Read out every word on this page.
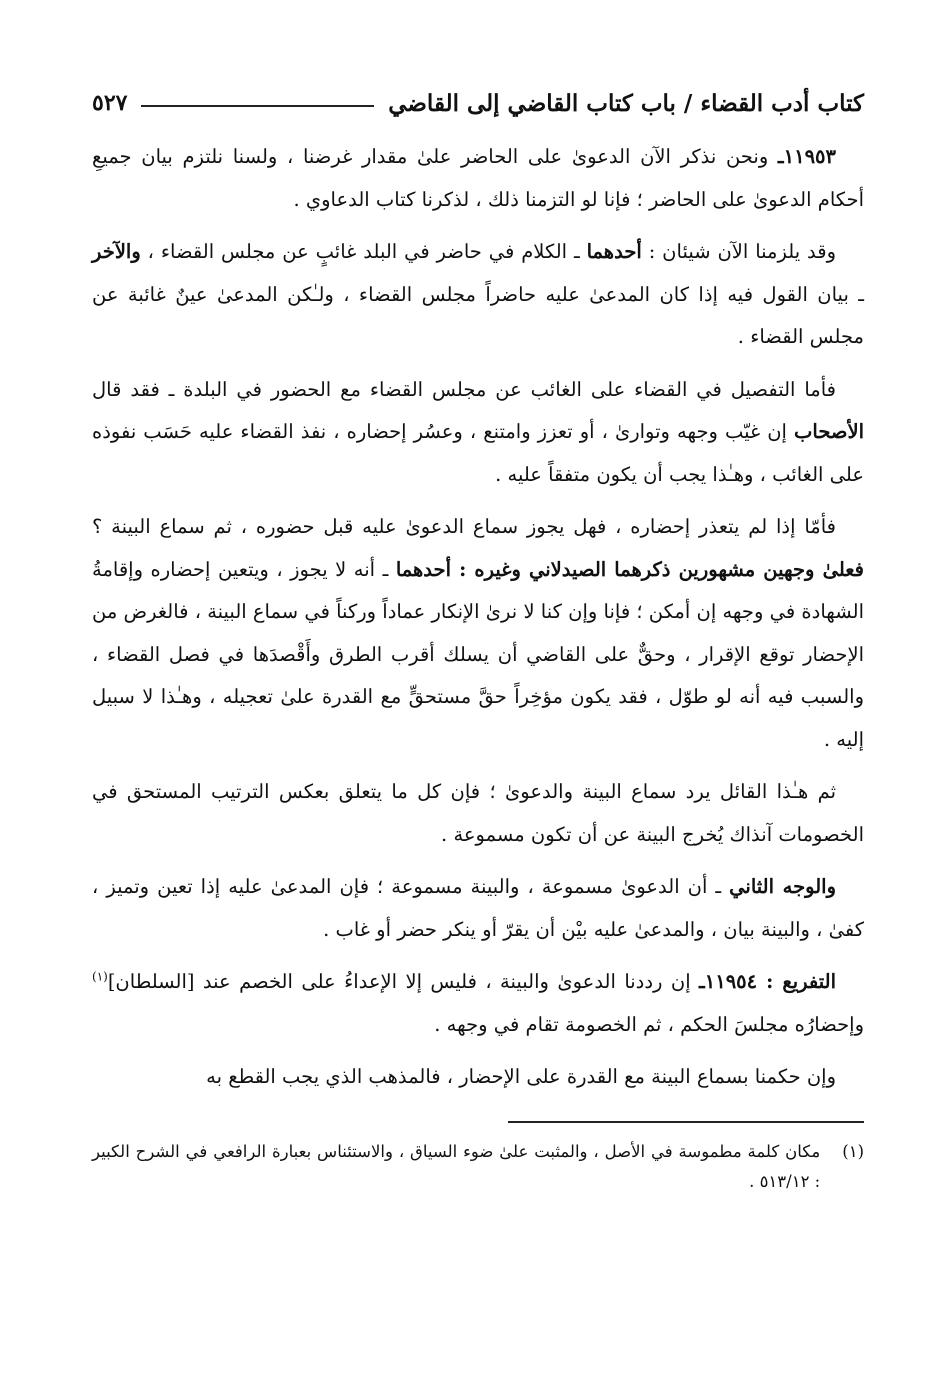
كتاب أدب القضاء / باب كتاب القاضي إلى القاضي
٥٢٧

١١٩٥٣ـ ونحن نذكر الآن الدعوىٰ على الحاضر علىٰ مقدار غرضنا ، ولسنا نلتزم بيان جميعِ أحكام الدعوىٰ على الحاضر ؛ فإنا لو التزمنا ذلك ، لذكرنا كتاب الدعاوي .

وقد يلزمنا الآن شيئان : أحدهما ـ الكلام في حاضر في البلد غائبٍ عن مجلس القضاء ، والآخر ـ بيان القول فيه إذا كان المدعىٰ عليه حاضراً مجلس القضاء ، ولـٰكن المدعىٰ عينٌ غائبة عن مجلس القضاء .

فأما التفصيل في القضاء على الغائب عن مجلس القضاء مع الحضور في البلدة ـ فقد قال الأصحاب إن غيّب وجهه وتوارىٰ ، أو تعزز وامتنع ، وعسُر إحضاره ، نفذ القضاء عليه حَسَب نفوذه على الغائب ، وهـٰذا يجب أن يكون متفقاً عليه .

فأمّا إذا لم يتعذر إحضاره ، فهل يجوز سماع الدعوىٰ عليه قبل حضوره ، ثم سماع البينة ؟ فعلىٰ وجهين مشهورين ذكرهما الصيدلاني وغيره : أحدهما ـ أنه لا يجوز ، ويتعين إحضاره وإقامةُ الشهادة في وجهه إن أمكن ؛ فإنا وإن كنا لا نرىٰ الإنكار عماداً وركناً في سماع البينة ، فالغرض من الإحضار توقع الإقرار ، وحقٌّ على القاضي أن يسلك أقرب الطرق وأَقْصدَها في فصل القضاء ، والسبب فيه أنه لو طوّل ، فقد يكون مؤخِراً حقَّ مستحقٍّ مع القدرة علىٰ تعجيله ، وهـٰذا لا سبيل إليه .

ثم هـٰذا القائل يرد سماع البينة والدعوىٰ ؛ فإن كل ما يتعلق بعكس الترتيب المستحق في الخصومات آنذاك يُخرج البينة عن أن تكون مسموعة .

والوجه الثاني ـ أن الدعوىٰ مسموعة ، والبينة مسموعة ؛ فإن المدعىٰ عليه إذا تعين وتميز ، كفىٰ ، والبينة بيان ، والمدعىٰ عليه بيْن أن يقرّ أو ينكر حضر أو غاب .

التفريع : ١١٩٥٤ـ إن رددنا الدعوىٰ والبينة ، فليس إلا الإعداءُ على الخصم عند [السلطان]$^{(١)}$ وإحضارُه مجلسَ الحكم ، ثم الخصومة تقام في وجهه .

وإن حكمنا بسماع البينة مع القدرة على الإحضار ، فالمذهب الذي يجب القطع به

(١)
مكان كلمة مطموسة في الأصل ، والمثبت علىٰ ضوء السياق ، والاستئناس بعبارة الرافعي في الشرح الكبير : ٥١٣/١٢ .
